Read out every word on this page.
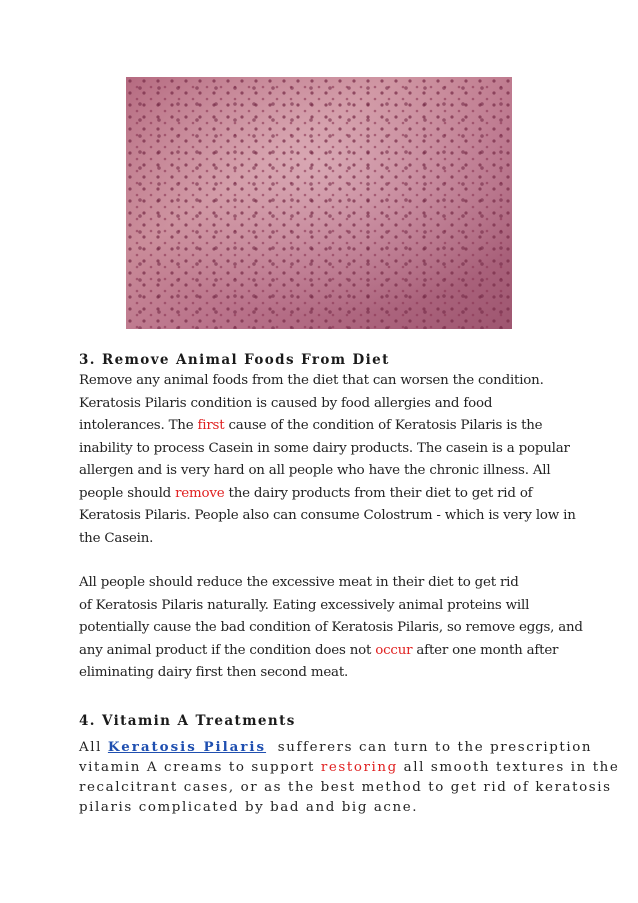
3. Remove Animal Foods From Diet

Remove any animal foods from the diet that can worsen the condition.
Keratosis Pilaris condition is caused by food allergies and food
intolerances. The first cause of the condition of Keratosis Pilaris is the
inability to process Casein in some dairy products. The casein is a popular
allergen and is very hard on all people who have the chronic illness. All
people should remove the dairy products from their diet to get rid of
Keratosis Pilaris. People also can consume Colostrum - which is very low in
the Casein.

All people should reduce the excessive meat in their diet to get rid
of Keratosis Pilaris naturally. Eating excessively animal proteins will
potentially cause the bad condition of Keratosis Pilaris, so remove eggs, and
any animal product if the condition does not occur after one month after
eliminating dairy first then second meat.

4. Vitamin A Treatments

All Keratosis Pilaris  sufferers can turn to the prescription
vitamin A creams to support restoring all smooth textures in the
recalcitrant cases, or as the best method to get rid of keratosis
pilaris complicated by bad and big acne.
